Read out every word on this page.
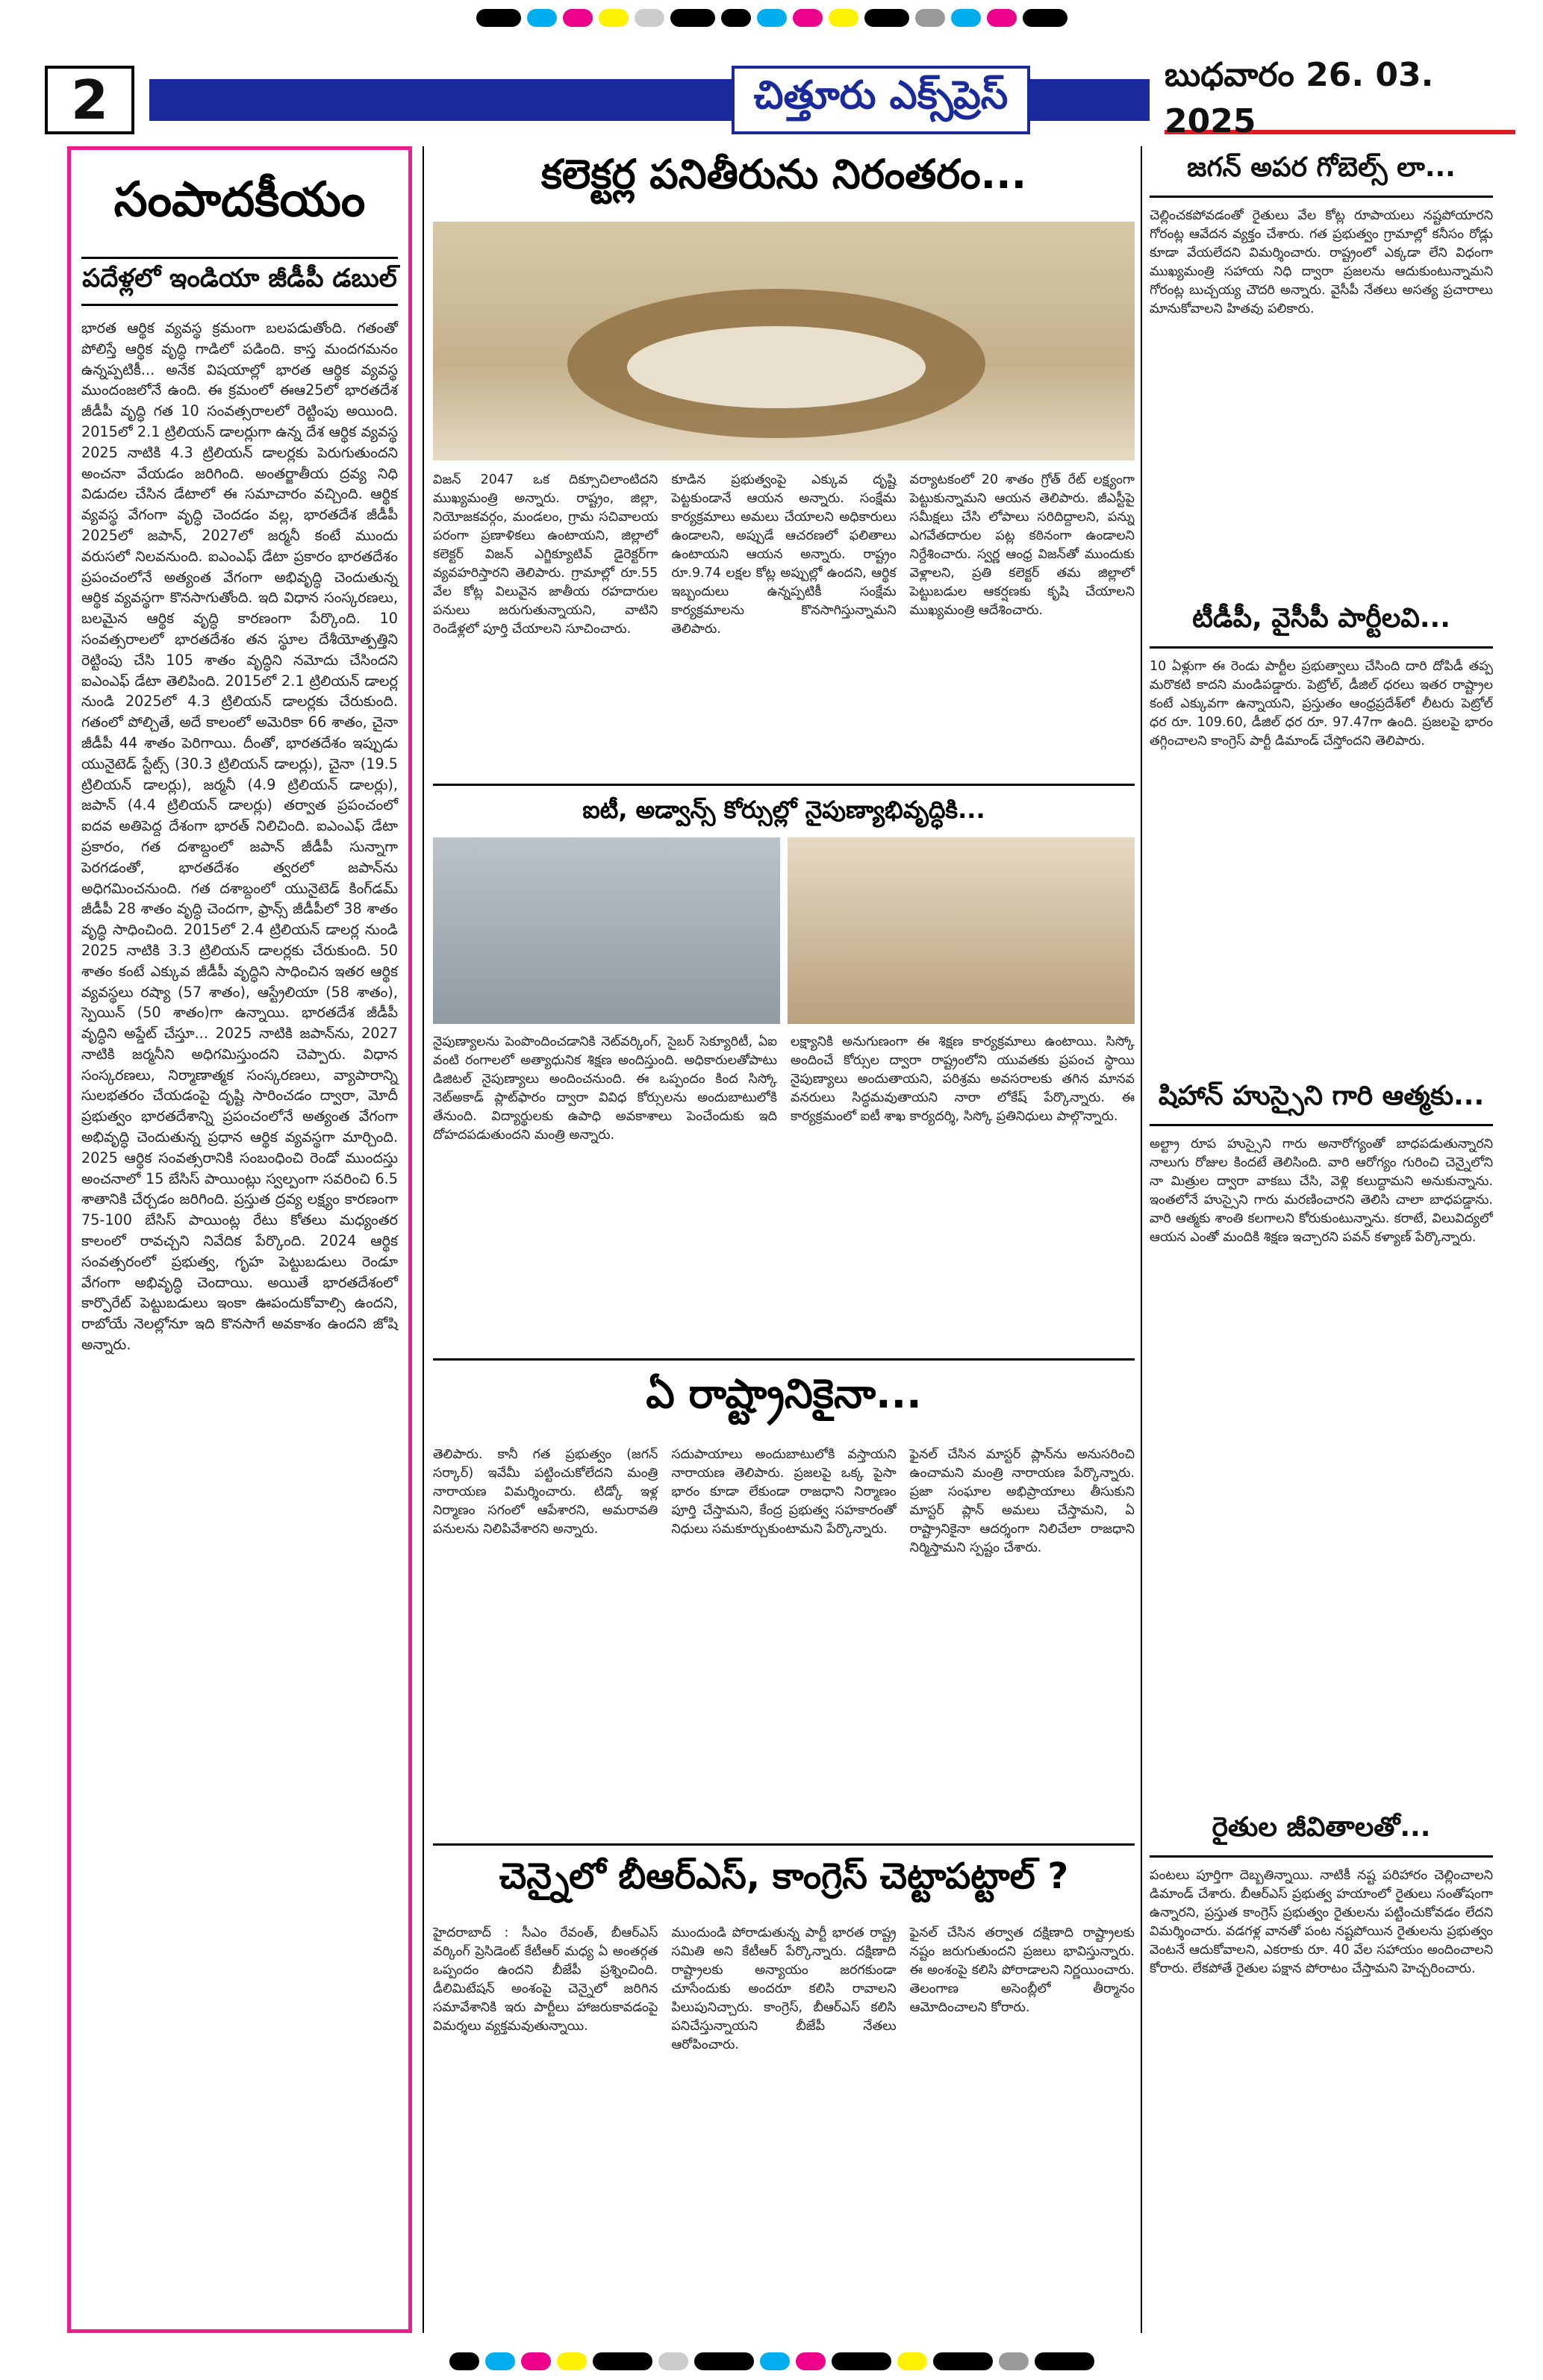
2	చిత్తూరు ఎక్స్‌ప్రెస్	బుధవారం 26. 03. 2025
సంపాదకీయం
పదేళ్లలో ఇండియా జీడీపీ డబుల్
భారత ఆర్థిక వ్యవస్థ క్రమంగా బలపడుతోంది. గతంతో పోలిస్తే ఆర్థిక వృద్ధి గాడిలో పడింది. కాస్త మందగమనం ఉన్నప్పటికీ... అనేక విషయాల్లో భారత ఆర్థిక వ్యవస్థ ముందంజలోనే ఉంది. ఈ క్రమంలో ఈఆ25లో భారతదేశ జీడీపీ వృద్ధి గత 10 సంవత్సరాలలో రెట్టింపు అయింది. 2015లో 2.1 ట్రిలియన్ డాలర్లుగా ఉన్న దేశ ఆర్థిక వ్యవస్థ 2025 నాటికి 4.3 ట్రిలియన్ డాలర్లకు పెరుగుతుందని అంచనా వేయడం జరిగింది. అంతర్జాతీయ ద్రవ్య నిధి విడుదల చేసిన డేటాలో ఈ సమాచారం వచ్చింది. ఆర్థిక వ్యవస్థ వేగంగా వృద్ధి చెందడం వల్ల, భారతదేశ జీడీపీ 2025లో జపాన్, 2027లో జర్మనీ కంటే ముందు వరుసలో నిలవనుంది. ఐఎంఎఫ్ డేటా ప్రకారం భారతదేశం ప్రపంచంలోనే అత్యంత వేగంగా అభివృద్ధి చెందుతున్న ఆర్థిక వ్యవస్థగా కొనసాగుతోంది. ఇది విధాన సంస్కరణలు, బలమైన ఆర్థిక వృద్ధి కారణంగా పేర్కొంది. 10 సంవత్సరాలలో భారతదేశం తన స్థూల దేశీయోత్పత్తిని రెట్టింపు చేసి 105 శాతం వృద్ధిని నమోదు చేసిందని ఐఎంఎఫ్ డేటా తెలిపింది. 2015లో 2.1 ట్రిలియన్ డాలర్ల నుండి 2025లో 4.3 ట్రిలియన్ డాలర్లకు చేరుకుంది. గతంలో పోల్చితే, అదే కాలంలో అమెరికా 66 శాతం, చైనా జీడీపీ 44 శాతం పెరిగాయి. దీంతో, భారతదేశం ఇప్పుడు యునైటెడ్ స్టేట్స్ (30.3 ట్రిలియన్ డాలర్లు), చైనా (19.5 ట్రిలియన్ డాలర్లు), జర్మనీ (4.9 ట్రిలియన్ డాలర్లు), జపాన్ (4.4 ట్రిలియన్ డాలర్లు) తర్వాత ప్రపంచంలో ఐదవ అతిపెద్ద దేశంగా భారత్ నిలిచింది. ఐఎంఎఫ్ డేటా ప్రకారం, గత దశాబ్దంలో జపాన్ జీడీపీ సున్నాగా పెరగడంతో, భారతదేశం త్వరలో జపాన్‌ను అధిగమించనుంది. గత దశాబ్దంలో యునైటెడ్ కింగ్‌డమ్ జీడీపీ 28 శాతం వృద్ధి చెందగా, ఫ్రాన్స్ జీడీపీలో 38 శాతం వృద్ధి సాధించింది. 2015లో 2.4 ట్రిలియన్ డాలర్ల నుండి 2025 నాటికి 3.3 ట్రిలియన్ డాలర్లకు చేరుకుంది. 50 శాతం కంటే ఎక్కువ జీడీపీ వృద్ధిని సాధించిన ఇతర ఆర్థిక వ్యవస్థలు రష్యా (57 శాతం), ఆస్ట్రేలియా (58 శాతం), స్పెయిన్ (50 శాతం)గా ఉన్నాయి. భారతదేశ జీడీపీ వృద్ధిని అప్డేట్ చేస్తూ... 2025 నాటికి జపాన్‌ను, 2027 నాటికి జర్మనీని అధిగమిస్తుందని చెప్పారు. విధాన సంస్కరణలు, నిర్మాణాత్మక సంస్కరణలు, వ్యాపారాన్ని సులభతరం చేయడంపై దృష్టి సారించడం ద్వారా, మోదీ ప్రభుత్వం భారతదేశాన్ని ప్రపంచంలోనే అత్యంత వేగంగా అభివృద్ధి చెందుతున్న ప్రధాన ఆర్థిక వ్యవస్థగా మార్చింది. 2025 ఆర్థిక సంవత్సరానికి సంబంధించి రెండో ముందస్తు అంచనాలో 15 బేసిస్ పాయింట్లు స్వల్పంగా సవరించి 6.5 శాతానికి చేర్చడం జరిగింది. ప్రస్తుత ద్రవ్య లక్ష్యం కారణంగా 75-100 బేసిస్ పాయింట్ల రేటు కోతలు మధ్యంతర కాలంలో రావచ్చని నివేదిక పేర్కొంది. 2024 ఆర్థిక సంవత్సరంలో ప్రభుత్వ, గృహ పెట్టుబడులు రెండూ వేగంగా అభివృద్ధి చెందాయి. అయితే భారతదేశంలో కార్పొరేట్ పెట్టుబడులు ఇంకా ఊపందుకోవాల్సి ఉందని, రాబోయే నెలల్లోనూ ఇది కొనసాగే అవకాశం ఉందని జోషి అన్నారు.
కలెక్టర్ల పనితీరును నిరంతరం...
విజన్ 2047 ఒక దిక్సూచిలాంటిదని ముఖ్యమంత్రి అన్నారు. రాష్ట్రం, జిల్లా, నియోజకవర్గం, మండలం, గ్రామ సచివాలయ పరంగా ప్రణాళికలు ఉంటాయని, జిల్లాలో కలెక్టర్ విజన్ ఎగ్జిక్యూటివ్ డైరెక్టర్‌గా వ్యవహరిస్తారని తెలిపారు. గ్రామాల్లో రూ.55 వేల కోట్ల విలువైన జాతీయ రహదారుల పనులు జరుగుతున్నాయని, వాటిని రెండేళ్లలో పూర్తి చేయాలని సూచించారు.
కూడిన ప్రభుత్వంపై ఎక్కువ దృష్టి పెట్టకుండానే ఆయన అన్నారు. సంక్షేమ కార్యక్రమాలు అమలు చేయాలని అధికారులు ఉండాలని, అప్పుడే ఆచరణలో ఫలితాలు ఉంటాయని ఆయన అన్నారు. రాష్ట్రం రూ.9.74 లక్షల కోట్ల అప్పుల్లో ఉందని, ఆర్థిక ఇబ్బందులు ఉన్నప్పటికీ సంక్షేమ కార్యక్రమాలను కొనసాగిస్తున్నామని తెలిపారు.
వర్యాటకంలో 20 శాతం గ్రోత్ రేట్ లక్ష్యంగా పెట్టుకున్నామని ఆయన తెలిపారు. జీఎస్టీపై సమీక్షలు చేసి లోపాలు సరిదిద్దాలని, పన్ను ఎగవేతదారుల పట్ల కఠినంగా ఉండాలని నిర్దేశించారు. స్వర్ణ ఆంధ్ర విజన్‌తో ముందుకు వెళ్లాలని, ప్రతి కలెక్టర్ తమ జిల్లాలో పెట్టుబడుల ఆకర్షణకు కృషి చేయాలని ముఖ్యమంత్రి ఆదేశించారు.
ఐటీ, అడ్వాన్స్ కోర్సుల్లో నైపుణ్యాభివృద్ధికి...
నైపుణ్యాలను పెంపొందించడానికి నెట్‌వర్కింగ్, సైబర్ సెక్యూరిటీ, ఏఐ వంటి రంగాలలో అత్యాధునిక శిక్షణ అందిస్తుంది. అధికారులతోపాటు డిజిటల్ నైపుణ్యాలు అందించనుంది. ఈ ఒప్పందం కింద సిస్కో నెట్‌అకాడ్ ప్లాట్‌ఫారం ద్వారా వివిధ కోర్సులను అందుబాటులోకి తేనుంది. విద్యార్థులకు ఉపాధి అవకాశాలు పెంచేందుకు ఇది దోహదపడుతుందని మంత్రి అన్నారు.
లక్ష్యానికి అనుగుణంగా ఈ శిక్షణ కార్యక్రమాలు ఉంటాయి. సిస్కో అందించే కోర్సుల ద్వారా రాష్ట్రంలోని యువతకు ప్రపంచ స్థాయి నైపుణ్యాలు అందుతాయని, పరిశ్రమ అవసరాలకు తగిన మానవ వనరులు సిద్ధమవుతాయని నారా లోకేష్ పేర్కొన్నారు. ఈ కార్యక్రమంలో ఐటీ శాఖ కార్యదర్శి, సిస్కో ప్రతినిధులు పాల్గొన్నారు.
ఏ రాష్ట్రానికైనా...
తెలిపారు. కానీ గత ప్రభుత్వం (జగన్ సర్కార్) ఇవేమీ పట్టించుకోలేదని మంత్రి నారాయణ విమర్శించారు. టిడ్కో ఇళ్ల నిర్మాణం సగంలో ఆపేశారని, అమరావతి పనులను నిలిపివేశారని అన్నారు.
సదుపాయాలు అందుబాటులోకి వస్తాయని నారాయణ తెలిపారు. ప్రజలపై ఒక్క పైసా భారం కూడా లేకుండా రాజధాని నిర్మాణం పూర్తి చేస్తామని, కేంద్ర ప్రభుత్వ సహకారంతో నిధులు సమకూర్చుకుంటామని పేర్కొన్నారు.
ఫైనల్ చేసిన మాస్టర్ ప్లాన్‌ను అనుసరించి ఉంచామని మంత్రి నారాయణ పేర్కొన్నారు. ప్రజా సంఘాల అభిప్రాయాలు తీసుకుని మాస్టర్ ప్లాన్ అమలు చేస్తామని, ఏ రాష్ట్రానికైనా ఆదర్శంగా నిలిచేలా రాజధాని నిర్మిస్తామని స్పష్టం చేశారు.
చెన్నైలో బీఆర్ఎస్, కాంగ్రెస్ చెట్టాపట్టాల్ ?
హైదరాబాద్ : సీఎం రేవంత్, బీఆర్ఎస్ వర్కింగ్ ప్రెసిడెంట్ కేటీఆర్ మధ్య ఏ అంతర్గత ఒప్పందం ఉందని బీజేపీ ప్రశ్నించింది. డీలిమిటేషన్ అంశంపై చెన్నైలో జరిగిన సమావేశానికి ఇరు పార్టీలు హాజరుకావడంపై విమర్శలు వ్యక్తమవుతున్నాయి.
ముందుండి పోరాడుతున్న పార్టీ భారత రాష్ట్ర సమితి అని కేటీఆర్ పేర్కొన్నారు. దక్షిణాది రాష్ట్రాలకు అన్యాయం జరగకుండా చూసేందుకు అందరూ కలిసి రావాలని పిలుపునిచ్చారు. కాంగ్రెస్, బీఆర్ఎస్ కలిసి పనిచేస్తున్నాయని బీజేపీ నేతలు ఆరోపించారు.
ఫైనల్ చేసిన తర్వాత దక్షిణాది రాష్ట్రాలకు నష్టం జరుగుతుందని ప్రజలు భావిస్తున్నారు. ఈ అంశంపై కలిసి పోరాడాలని నిర్ణయించారు. తెలంగాణ అసెంబ్లీలో తీర్మానం ఆమోదించాలని కోరారు.
జగన్ అపర గోబెల్స్ లా...
చెల్లించకపోవడంతో రైతులు వేల కోట్ల రూపాయలు నష్టపోయారని గోరంట్ల ఆవేదన వ్యక్తం చేశారు. గత ప్రభుత్వం గ్రామాల్లో కనీసం రోడ్లు కూడా వేయలేదని విమర్శించారు. రాష్ట్రంలో ఎక్కడా లేని విధంగా ముఖ్యమంత్రి సహాయ నిధి ద్వారా ప్రజలను ఆదుకుంటున్నామని గోరంట్ల బుచ్చయ్య చౌదరి అన్నారు. వైసీపీ నేతలు అసత్య ప్రచారాలు మానుకోవాలని హితవు పలికారు.
టీడీపీ, వైసీపీ పార్టీలవి...
10 ఏళ్లుగా ఈ రెండు పార్టీల ప్రభుత్వాలు చేసింది దారి దోపిడీ తప్ప మరొకటి కాదని మండిపడ్డారు. పెట్రోల్, డీజిల్ ధరలు ఇతర రాష్ట్రాల కంటే ఎక్కువగా ఉన్నాయని, ప్రస్తుతం ఆంధ్రప్రదేశ్‌లో లీటరు పెట్రోల్ ధర రూ. 109.60, డీజిల్ ధర రూ. 97.47గా ఉంది. ప్రజలపై భారం తగ్గించాలని కాంగ్రెస్ పార్టీ డిమాండ్ చేస్తోందని తెలిపారు.
షిహాన్ హుస్సైని గారి ఆత్మకు...
అల్ట్రా రూప హుస్సైని గారు అనారోగ్యంతో బాధపడుతున్నారని నాలుగు రోజుల కిందటే తెలిసింది. వారి ఆరోగ్యం గురించి చెన్నైలోని నా మిత్రుల ద్వారా వాకబు చేసి, వెళ్లి కలుద్దామని అనుకున్నాను. ఇంతలోనే హుస్సైని గారు మరణించారని తెలిసి చాలా బాధపడ్డాను. వారి ఆత్మకు శాంతి కలగాలని కోరుకుంటున్నాను. కరాటే, విలువిద్యలో ఆయన ఎంతో మందికి శిక్షణ ఇచ్చారని పవన్ కళ్యాణ్ పేర్కొన్నారు.
రైతుల జీవితాలతో...
పంటలు పూర్తిగా దెబ్బతిన్నాయి. నాటికీ నష్ట పరిహారం చెల్లించాలని డిమాండ్ చేశారు. బీఆర్ఎస్ ప్రభుత్వ హయాంలో రైతులు సంతోషంగా ఉన్నారని, ప్రస్తుత కాంగ్రెస్ ప్రభుత్వం రైతులను పట్టించుకోవడం లేదని విమర్శించారు. వడగళ్ల వానతో పంట నష్టపోయిన రైతులను ప్రభుత్వం వెంటనే ఆదుకోవాలని, ఎకరాకు రూ. 40 వేల సహాయం అందించాలని కోరారు. లేకపోతే రైతుల పక్షాన పోరాటం చేస్తామని హెచ్చరించారు.
